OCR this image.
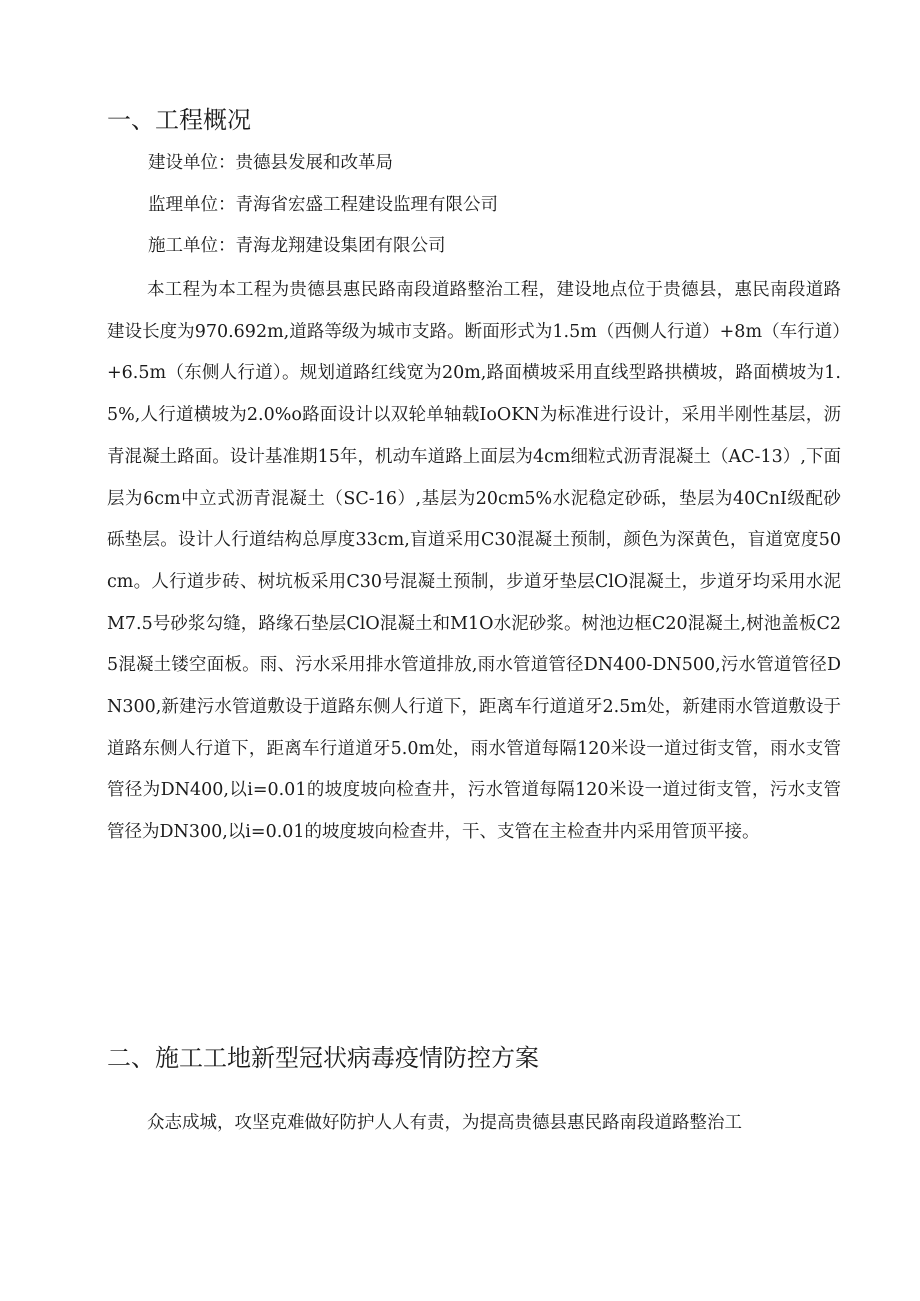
一、工程概况

建设单位：贵德县发展和改革局

监理单位：青海省宏盛工程建设监理有限公司

施工单位：青海龙翔建设集团有限公司

本工程为本工程为贵德县惠民路南段道路整治工程，建设地点位于贵德县，惠民南段道路建设长度为970.692m,道路等级为城市支路。断面形式为1.5m（西侧人行道）+8m（车行道）+6.5m（东侧人行道）。规划道路红线宽为20m,路面横坡采用直线型路拱横坡，路面横坡为1.5%,人行道横坡为2.0%o路面设计以双轮单轴载IoOKN为标准进行设计，采用半刚性基层，沥青混凝土路面。设计基准期15年，机动车道路上面层为4cm细粒式沥青混凝土（AC-13）,下面层为6cm中立式沥青混凝土（SC-16）,基层为20cm5%水泥稳定砂砾，垫层为40CnI级配砂砾垫层。设计人行道结构总厚度33cm,盲道采用C30混凝土预制，颜色为深黄色，盲道宽度50cm。人行道步砖、树坑板采用C30号混凝土预制，步道牙垫层ClO混凝土，步道牙均采用水泥M7.5号砂浆勾缝，路缘石垫层ClO混凝土和M1O水泥砂浆。树池边框C20混凝土,树池盖板C25混凝土镂空面板。雨、污水采用排水管道排放,雨水管道管径DN400-DN500,污水管道管径DN300,新建污水管道敷设于道路东侧人行道下，距离车行道道牙2.5m处，新建雨水管道敷设于道路东侧人行道下，距离车行道道牙5.0m处，雨水管道每隔120米设一道过街支管，雨水支管管径为DN400,以i=0.01的坡度坡向检查井，污水管道每隔120米设一道过街支管，污水支管管径为DN300,以i=0.01的坡度坡向检查井，干、支管在主检查井内采用管顶平接。

二、施工工地新型冠状病毒疫情防控方案

众志成城，攻坚克难做好防护人人有责，为提高贵德县惠民路南段道路整治工
